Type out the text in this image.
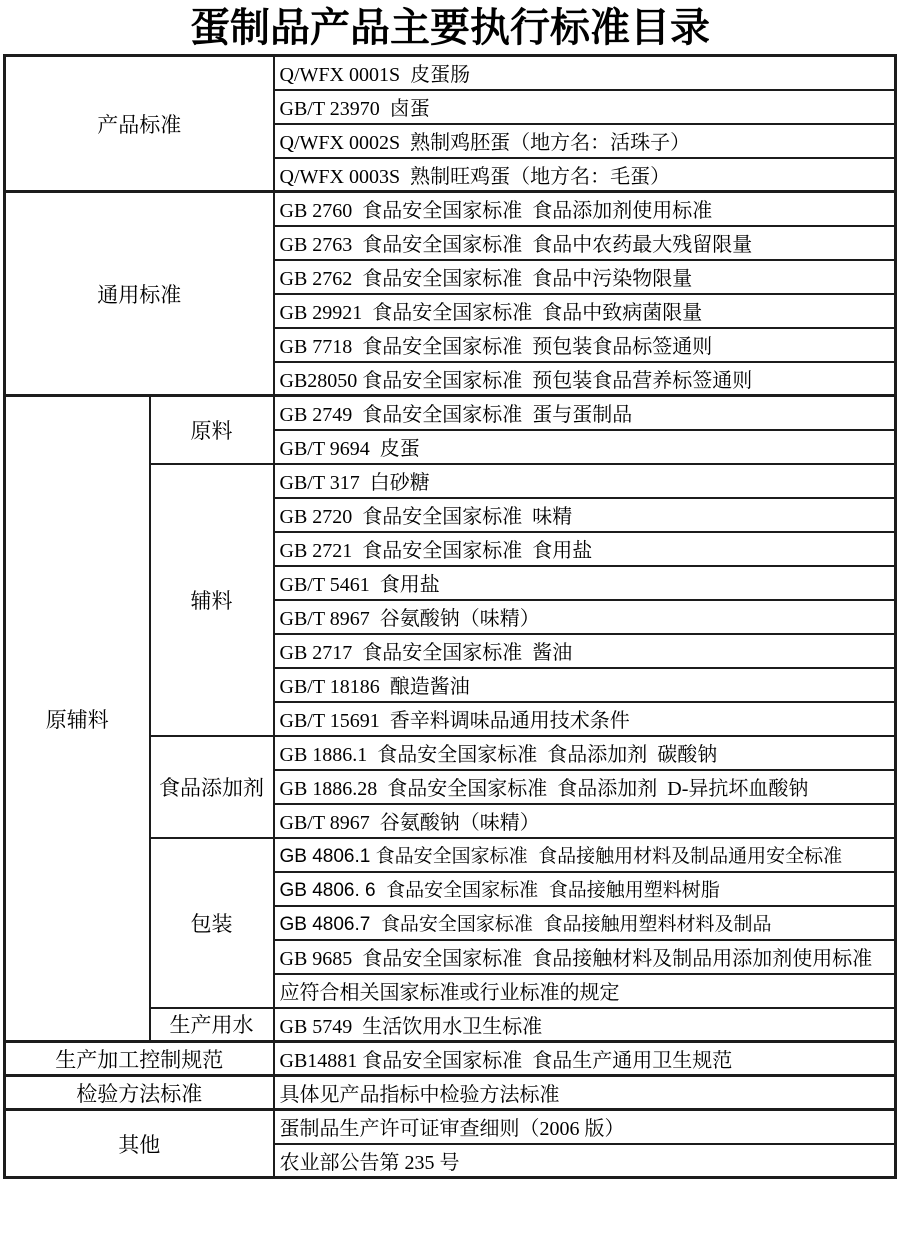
蛋制品产品主要执行标准目录
产品标准		Q/WFX 0001S  皮蛋肠
		GB/T 23970  卤蛋
		Q/WFX 0002S  熟制鸡胚蛋（地方名：活珠子）
		Q/WFX 0003S  熟制旺鸡蛋（地方名：毛蛋）
通用标准		GB 2760  食品安全国家标准  食品添加剂使用标准
		GB 2763  食品安全国家标准  食品中农药最大残留限量
		GB 2762  食品安全国家标准  食品中污染物限量
		GB 29921  食品安全国家标准  食品中致病菌限量
		GB 7718  食品安全国家标准  预包装食品标签通则
		GB28050 食品安全国家标准  预包装食品营养标签通则
原辅料	原料	GB 2749  食品安全国家标准  蛋与蛋制品
		GB/T 9694  皮蛋
	辅料	GB/T 317  白砂糖
		GB 2720  食品安全国家标准  味精
		GB 2721  食品安全国家标准  食用盐
		GB/T 5461  食用盐
		GB/T 8967  谷氨酸钠（味精）
		GB 2717  食品安全国家标准  酱油
		GB/T 18186  酿造酱油
		GB/T 15691  香辛料调味品通用技术条件
	食品添加剂	GB 1886.1  食品安全国家标准  食品添加剂  碳酸钠
		GB 1886.28  食品安全国家标准  食品添加剂  D-异抗坏血酸钠
		GB/T 8967  谷氨酸钠（味精）
	包装	GB 4806.1 食品安全国家标准  食品接触用材料及制品通用安全标准
		GB 4806. 6  食品安全国家标准  食品接触用塑料树脂
		GB 4806.7  食品安全国家标准  食品接触用塑料材料及制品
		GB 9685  食品安全国家标准  食品接触材料及制品用添加剂使用标准
		应符合相关国家标准或行业标准的规定
	生产用水	GB 5749  生活饮用水卫生标准
生产加工控制规范		GB14881 食品安全国家标准  食品生产通用卫生规范
检验方法标准		具体见产品指标中检验方法标准
其他		蛋制品生产许可证审查细则（2006 版）
		农业部公告第 235 号
